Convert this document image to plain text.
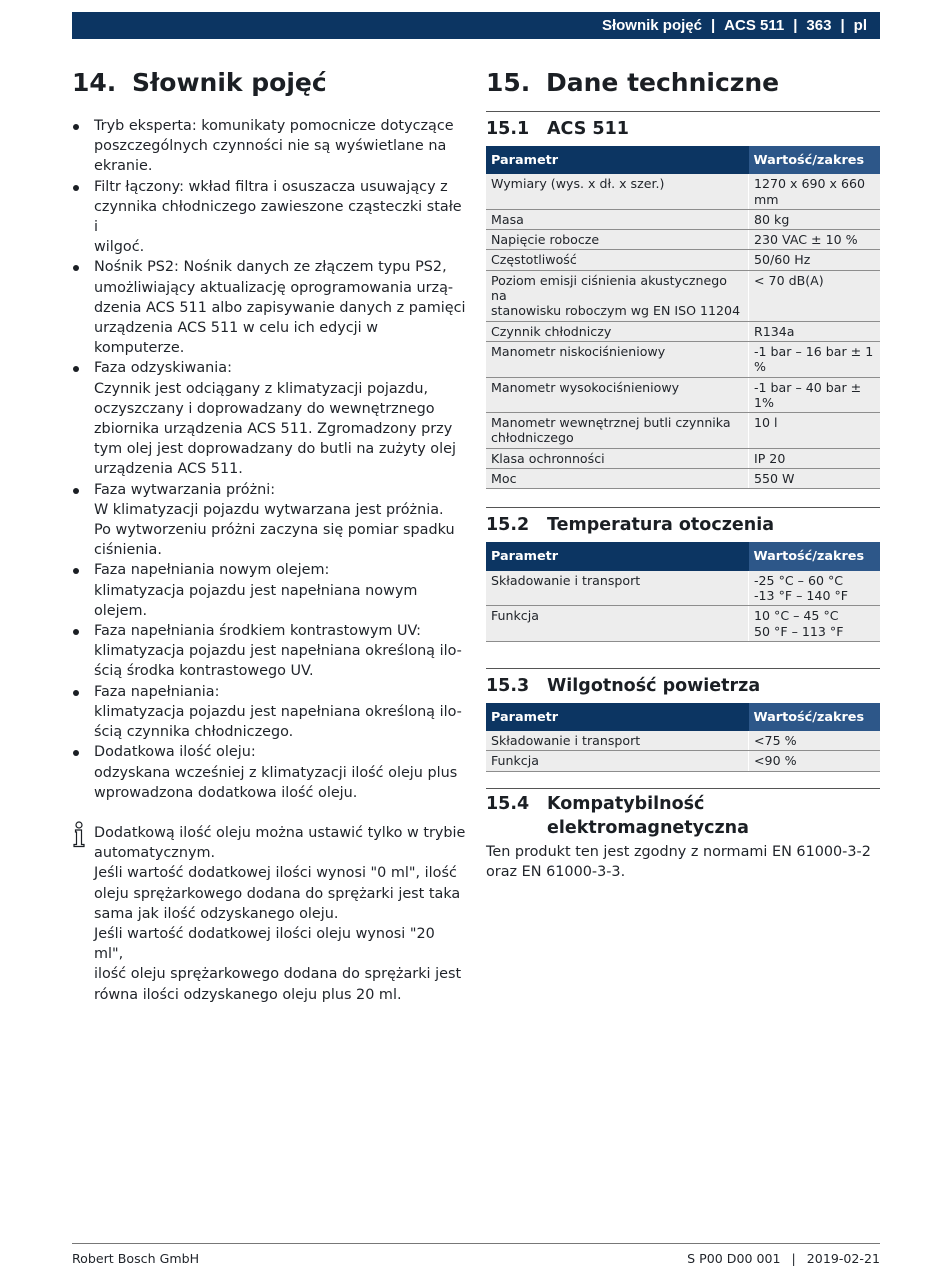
Słownik pojęć | ACS 511 | 363 | pl
14. Słownik pojęć
Tryb eksperta: komunikaty pomocnicze dotyczące
poszczególnych czynności nie są wyświetlane na
ekranie.
Filtr łączony: wkład filtra i osuszacza usuwający z
czynnika chłodniczego zawieszone cząsteczki stałe i
wilgoć.
Nośnik PS2: Nośnik danych ze złączem typu PS2,
umożliwiający aktualizację oprogramowania urzą-
dzenia ACS 511 albo zapisywanie danych z pamięci
urządzenia ACS 511 w celu ich edycji w komputerze.
Faza odzyskiwania:
Czynnik jest odciągany z klimatyzacji pojazdu,
oczyszczany i doprowadzany do wewnętrznego
zbiornika urządzenia ACS 511. Zgromadzony przy
tym olej jest doprowadzany do butli na zużyty olej
urządzenia ACS 511.
Faza wytwarzania próżni:
W klimatyzacji pojazdu wytwarzana jest próżnia.
Po wytworzeniu próżni zaczyna się pomiar spadku
ciśnienia.
Faza napełniania nowym olejem:
klimatyzacja pojazdu jest napełniana nowym olejem.
Faza napełniania środkiem kontrastowym UV:
klimatyzacja pojazdu jest napełniana określoną ilo-
ścią środka kontrastowego UV.
Faza napełniania:
klimatyzacja pojazdu jest napełniana określoną ilo-
ścią czynnika chłodniczego.
Dodatkowa ilość oleju:
odzyskana wcześniej z klimatyzacji ilość oleju plus
wprowadzona dodatkowa ilość oleju.
Dodatkową ilość oleju można ustawić tylko w trybie
automatycznym.
Jeśli wartość dodatkowej ilości wynosi "0 ml", ilość
oleju sprężarkowego dodana do sprężarki jest taka
sama jak ilość odzyskanego oleju.
Jeśli wartość dodatkowej ilości oleju wynosi "20 ml",
ilość oleju sprężarkowego dodana do sprężarki jest
równa ilości odzyskanego oleju plus 20 ml.
15. Dane techniczne
15.1	ACS 511
Parametr	Wartość/zakres

Wymiary (wys. x dł. x szer.)	1270 x 690 x 660 mm

Masa	80 kg

Napięcie robocze	230 VAC ± 10 %

Częstotliwość	50/60 Hz

Poziom emisji ciśnienia akustycznego na
stanowisku roboczym wg EN ISO 11204	< 70 dB(A)

Czynnik chłodniczy	R134a

Manometr niskociśnieniowy	-1 bar – 16 bar ± 1 %

Manometr wysokociśnieniowy	-1 bar – 40 bar ± 1%

Manometr wewnętrznej butli czynnika
chłodniczego	10 l

Klasa ochronności	IP 20

Moc	550 W
15.2	Temperatura otoczenia
Parametr	Wartość/zakres

Składowanie i transport	-25 °C – 60 °C
-13 °F – 140 °F

Funkcja	10 °C – 45 °C
50 °F – 113 °F
15.3	Wilgotność powietrza
Parametr	Wartość/zakres

Składowanie i transport	<75 %

Funkcja	<90 %
15.4	Kompatybilność elektromagnetyczna
Ten produkt ten jest zgodny z normami EN 61000-3-2
oraz EN 61000-3-3.
Robert Bosch GmbH	S P00 D00 001 | 2019-02-21
